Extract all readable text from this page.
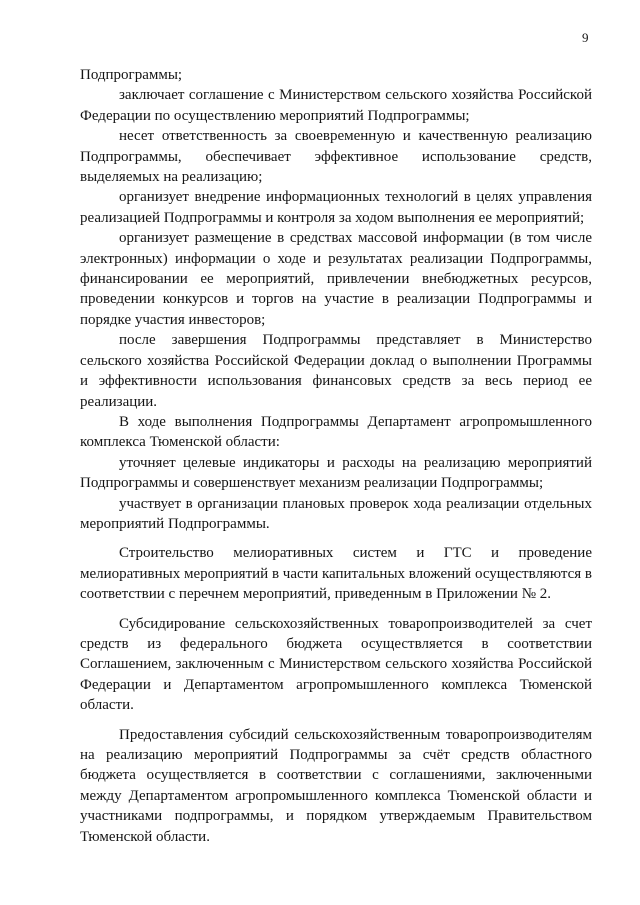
9

Подпрограммы;

заключает соглашение с Министерством сельского хозяйства Российской Федерации по осуществлению мероприятий Подпрограммы;

несет ответственность за своевременную и качественную реализацию Подпрограммы, обеспечивает эффективное использование средств, выделяемых на реализацию;

организует внедрение информационных технологий в целях управления реализацией Подпрограммы и контроля за ходом выполнения ее мероприятий;

организует размещение в средствах массовой информации (в том числе электронных) информации о ходе и результатах реализации Подпрограммы, финансировании ее мероприятий, привлечении внебюджетных ресурсов, проведении конкурсов и торгов на участие в реализации Подпрограммы и порядке участия инвесторов;

после завершения Подпрограммы представляет в Министерство сельского хозяйства Российской Федерации доклад о выполнении Программы и эффективности использования финансовых средств за весь период ее реализации.

В ходе выполнения Подпрограммы Департамент агропромышленного комплекса Тюменской области:

уточняет целевые индикаторы и расходы на реализацию мероприятий Подпрограммы и совершенствует механизм реализации Подпрограммы;

участвует в организации плановых проверок хода реализации отдельных мероприятий Подпрограммы.

Строительство мелиоративных систем и ГТС и проведение мелиоративных мероприятий в части капитальных вложений осуществляются в соответствии с перечнем мероприятий, приведенным в Приложении № 2.

Субсидирование сельскохозяйственных товаропроизводителей за счет средств из федерального бюджета осуществляется в соответствии Соглашением, заключенным с Министерством сельского хозяйства Российской Федерации и Департаментом агропромышленного комплекса Тюменской области.

Предоставления субсидий сельскохозяйственным товаропроизводителям на реализацию мероприятий Подпрограммы за счёт средств областного бюджета осуществляется в соответствии с соглашениями, заключенными между Департаментом агропромышленного комплекса Тюменской области и участниками подпрограммы, и порядком утверждаемым Правительством Тюменской области.
